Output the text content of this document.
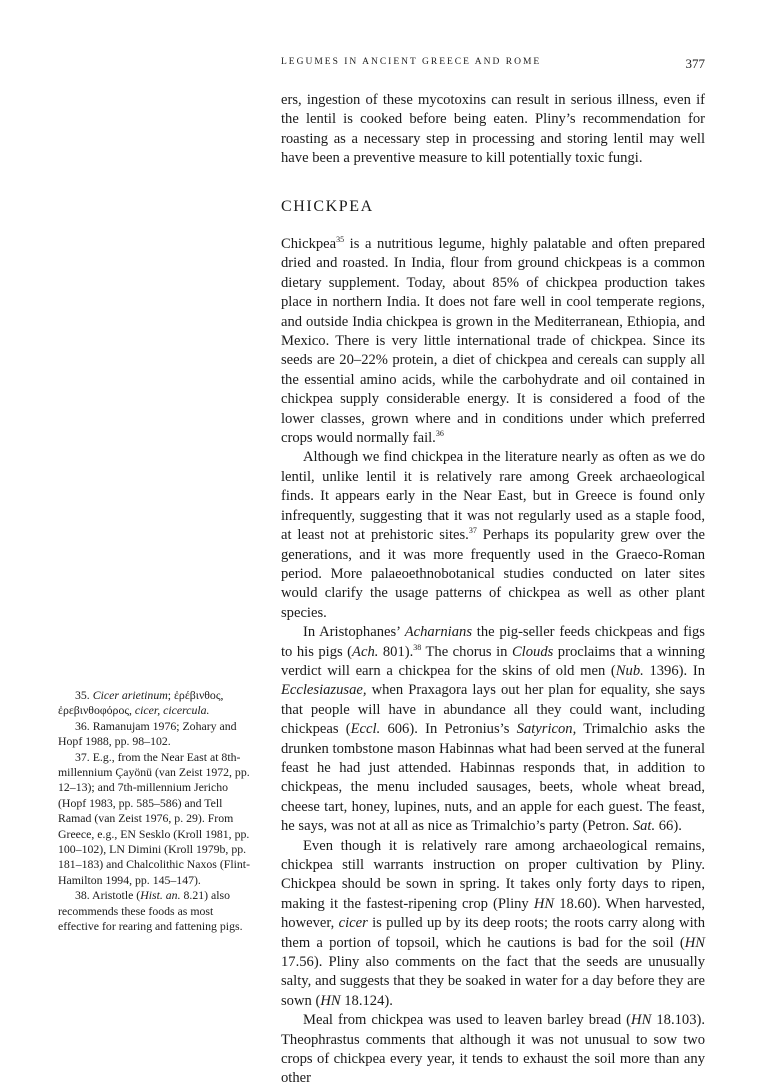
LEGUMES IN ANCIENT GREECE AND ROME	377

ers, ingestion of these mycotoxins can result in serious illness, even if the lentil is cooked before being eaten. Pliny’s recommendation for roasting as a necessary step in processing and storing lentil may well have been a preventive measure to kill potentially toxic fungi.

CHICKPEA

Chickpea$^{35}$ is a nutritious legume, highly palatable and often prepared dried and roasted. In India, flour from ground chickpeas is a common dietary supplement. Today, about 85% of chickpea production takes place in northern India. It does not fare well in cool temperate regions, and outside India chickpea is grown in the Mediterranean, Ethiopia, and Mexico. There is very little international trade of chickpea. Since its seeds are 20–22% protein, a diet of chickpea and cereals can supply all the essential amino acids, while the carbohydrate and oil contained in chickpea supply considerable energy. It is considered a food of the lower classes, grown where and in conditions under which preferred crops would normally fail.$^{36}$

Although we find chickpea in the literature nearly as often as we do lentil, unlike lentil it is relatively rare among Greek archaeological finds. It appears early in the Near East, but in Greece is found only infrequently, suggesting that it was not regularly used as a staple food, at least not at prehistoric sites.$^{37}$ Perhaps its popularity grew over the generations, and it was more frequently used in the Graeco-Roman period. More palaeoethnobotanical studies conducted on later sites would clarify the usage patterns of chickpea as well as other plant species.

In Aristophanes’ Acharnians the pig-seller feeds chickpeas and figs to his pigs (Ach. 801).$^{38}$ The chorus in Clouds proclaims that a winning verdict will earn a chickpea for the skins of old men (Nub. 1396). In Ecclesiazusae, when Praxagora lays out her plan for equality, she says that people will have in abundance all they could want, including chickpeas (Eccl. 606). In Petronius’s Satyricon, Trimalchio asks the drunken tombstone mason Habinnas what had been served at the funeral feast he had just attended. Habinnas responds that, in addition to chickpeas, the menu included sausages, beets, whole wheat bread, cheese tart, honey, lupines, nuts, and an apple for each guest. The feast, he says, was not at all as nice as Trimalchio’s party (Petron. Sat. 66).

Even though it is relatively rare among archaeological remains, chickpea still warrants instruction on proper cultivation by Pliny. Chickpea should be sown in spring. It takes only forty days to ripen, making it the fastest-ripening crop (Pliny HN 18.60). When harvested, however, cicer is pulled up by its deep roots; the roots carry along with them a portion of topsoil, which he cautions is bad for the soil (HN 17.56). Pliny also comments on the fact that the seeds are unusually salty, and suggests that they be soaked in water for a day before they are sown (HN 18.124).

Meal from chickpea was used to leaven barley bread (HN 18.103). Theophrastus comments that although it was not unusual to sow two crops of chickpea every year, it tends to exhaust the soil more than any other

35. Cicer arietinum; ἐρέβινθος, ἐρεβινθοφόρος, cicer, cicercula.

36. Ramanujam 1976; Zohary and Hopf 1988, pp. 98–102.

37. E.g., from the Near East at 8th-millennium Çayönü (van Zeist 1972, pp. 12–13); and 7th-millennium Jericho (Hopf 1983, pp. 585–586) and Tell Ramad (van Zeist 1976, p. 29). From Greece, e.g., EN Sesklo (Kroll 1981, pp. 100–102), LN Dimini (Kroll 1979b, pp. 181–183) and Chalcolithic Naxos (Flint-Hamilton 1994, pp. 145–147).

38. Aristotle (Hist. an. 8.21) also recommends these foods as most effective for rearing and fattening pigs.
